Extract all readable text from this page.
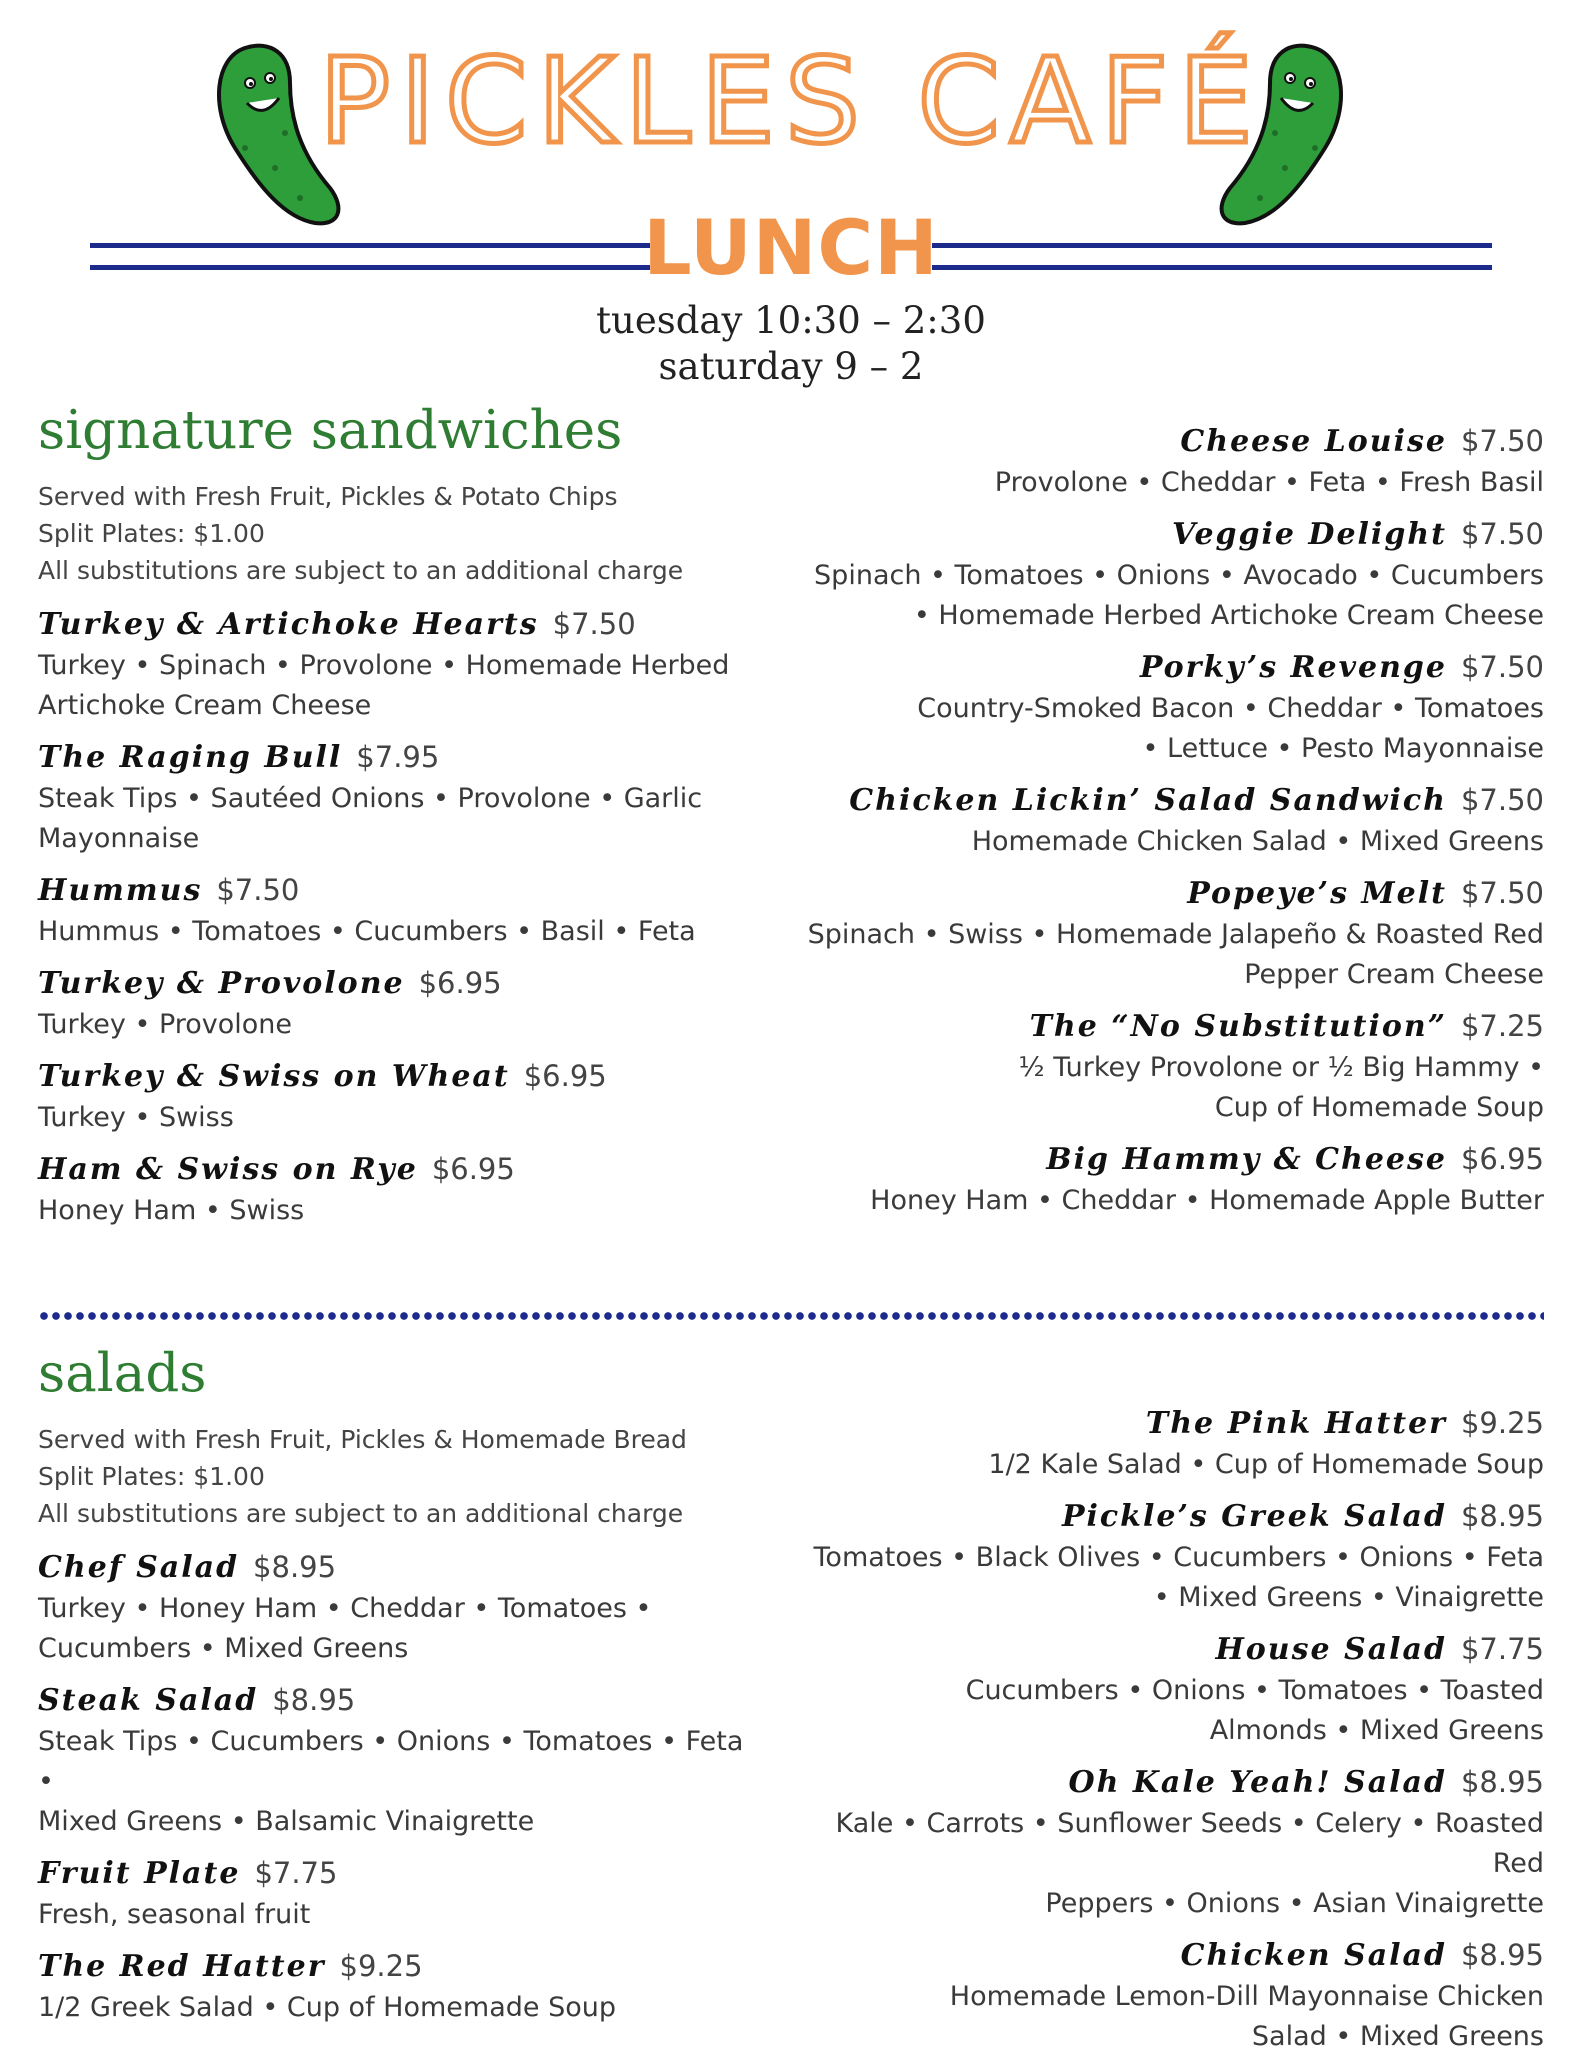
PICKLES CAFÉ
LUNCH
tuesday 10:30 – 2:30
saturday 9 – 2
signature sandwiches
Served with Fresh Fruit, Pickles & Potato Chips
Split Plates: $1.00
All substitutions are subject to an additional charge
Turkey & Artichoke Hearts $7.50
Turkey • Spinach • Provolone • Homemade Herbed
Artichoke Cream Cheese
The Raging Bull $7.95
Steak Tips • Sautéed Onions • Provolone • Garlic
Mayonnaise
Hummus $7.50
Hummus • Tomatoes • Cucumbers • Basil • Feta
Turkey & Provolone $6.95
Turkey • Provolone
Turkey & Swiss on Wheat $6.95
Turkey • Swiss
Ham & Swiss on Rye $6.95
Honey Ham • Swiss
Cheese Louise $7.50
Provolone • Cheddar • Feta • Fresh Basil
Veggie Delight $7.50
Spinach • Tomatoes • Onions • Avocado • Cucumbers
• Homemade Herbed Artichoke Cream Cheese
Porky’s Revenge $7.50
Country-Smoked Bacon • Cheddar • Tomatoes
• Lettuce • Pesto Mayonnaise
Chicken Lickin’ Salad Sandwich $7.50
Homemade Chicken Salad • Mixed Greens
Popeye’s Melt $7.50
Spinach • Swiss • Homemade Jalapeño & Roasted Red
Pepper Cream Cheese
The “No Substitution” $7.25
½ Turkey Provolone or ½ Big Hammy •
Cup of Homemade Soup
Big Hammy & Cheese $6.95
Honey Ham • Cheddar • Homemade Apple Butter
salads
Served with Fresh Fruit, Pickles & Homemade Bread
Split Plates: $1.00
All substitutions are subject to an additional charge
Chef Salad $8.95
Turkey • Honey Ham • Cheddar • Tomatoes •
Cucumbers • Mixed Greens
Steak Salad $8.95
Steak Tips • Cucumbers • Onions • Tomatoes • Feta •
Mixed Greens • Balsamic Vinaigrette
Fruit Plate $7.75
Fresh, seasonal fruit
The Red Hatter $9.25
1/2 Greek Salad • Cup of Homemade Soup
The Pink Hatter $9.25
1/2 Kale Salad • Cup of Homemade Soup
Pickle’s Greek Salad $8.95
Tomatoes • Black Olives • Cucumbers • Onions • Feta
• Mixed Greens • Vinaigrette
House Salad $7.75
Cucumbers • Onions • Tomatoes • Toasted
Almonds • Mixed Greens
Oh Kale Yeah! Salad $8.95
Kale • Carrots • Sunflower Seeds • Celery • Roasted Red
Peppers • Onions • Asian Vinaigrette
Chicken Salad $8.95
Homemade Lemon-Dill Mayonnaise Chicken
Salad • Mixed Greens
